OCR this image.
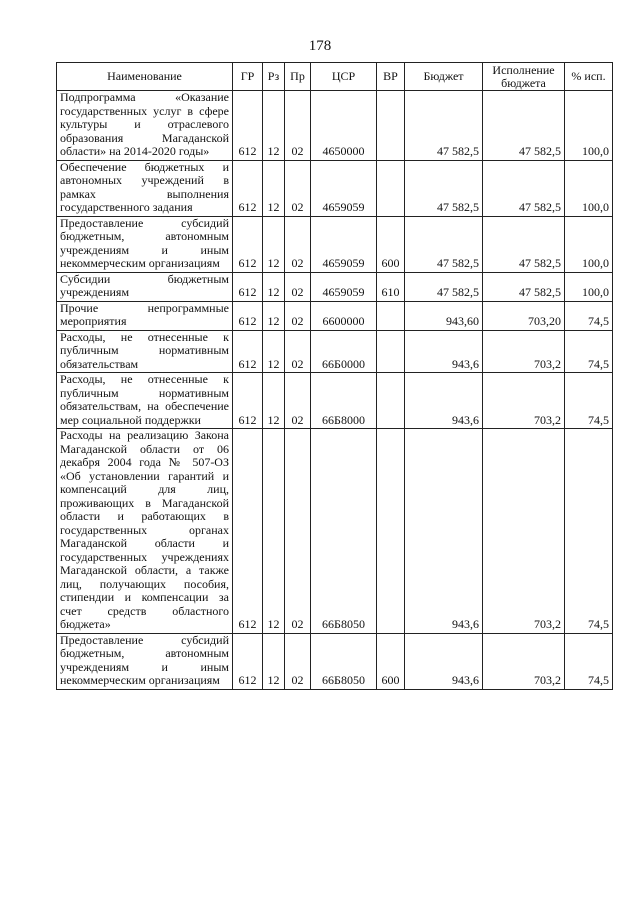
178
Наименование	ГР	Рз	Пр	ЦСР	ВР	Бюджет	Исполнение бюджета	% исп.
Подпрограмма «Оказание государственных услуг в сфере культуры и отраслевого образования Магаданской области» на 2014-2020 годы»	612	12	02	4650000		47 582,5	47 582,5	100,0
Обеспечение бюджетных и автономных учреждений в рамках выполнения государственного задания	612	12	02	4659059		47 582,5	47 582,5	100,0
Предоставление субсидий бюджетным, автономным учреждениям и иным некоммерческим организациям	612	12	02	4659059	600	47 582,5	47 582,5	100,0
Субсидии бюджетным учреждениям	612	12	02	4659059	610	47 582,5	47 582,5	100,0
Прочие непрограммные мероприятия	612	12	02	6600000		943,60	703,20	74,5
Расходы, не отнесенные к публичным нормативным обязательствам	612	12	02	66Б0000		943,6	703,2	74,5
Расходы, не отнесенные к публичным нормативным обязательствам, на обеспечение мер социальной поддержки	612	12	02	66Б8000		943,6	703,2	74,5
Расходы на реализацию Закона Магаданской области от 06 декабря 2004 года № 507-ОЗ «Об установлении гарантий и компенсаций для лиц, проживающих в Магаданской области и работающих в государственных органах Магаданской области и государственных учреждениях Магаданской области, а также лиц, получающих пособия, стипендии и компенсации за счет средств областного бюджета»	612	12	02	66Б8050		943,6	703,2	74,5
Предоставление субсидий бюджетным, автономным учреждениям и иным некоммерческим организациям	612	12	02	66Б8050	600	943,6	703,2	74,5
